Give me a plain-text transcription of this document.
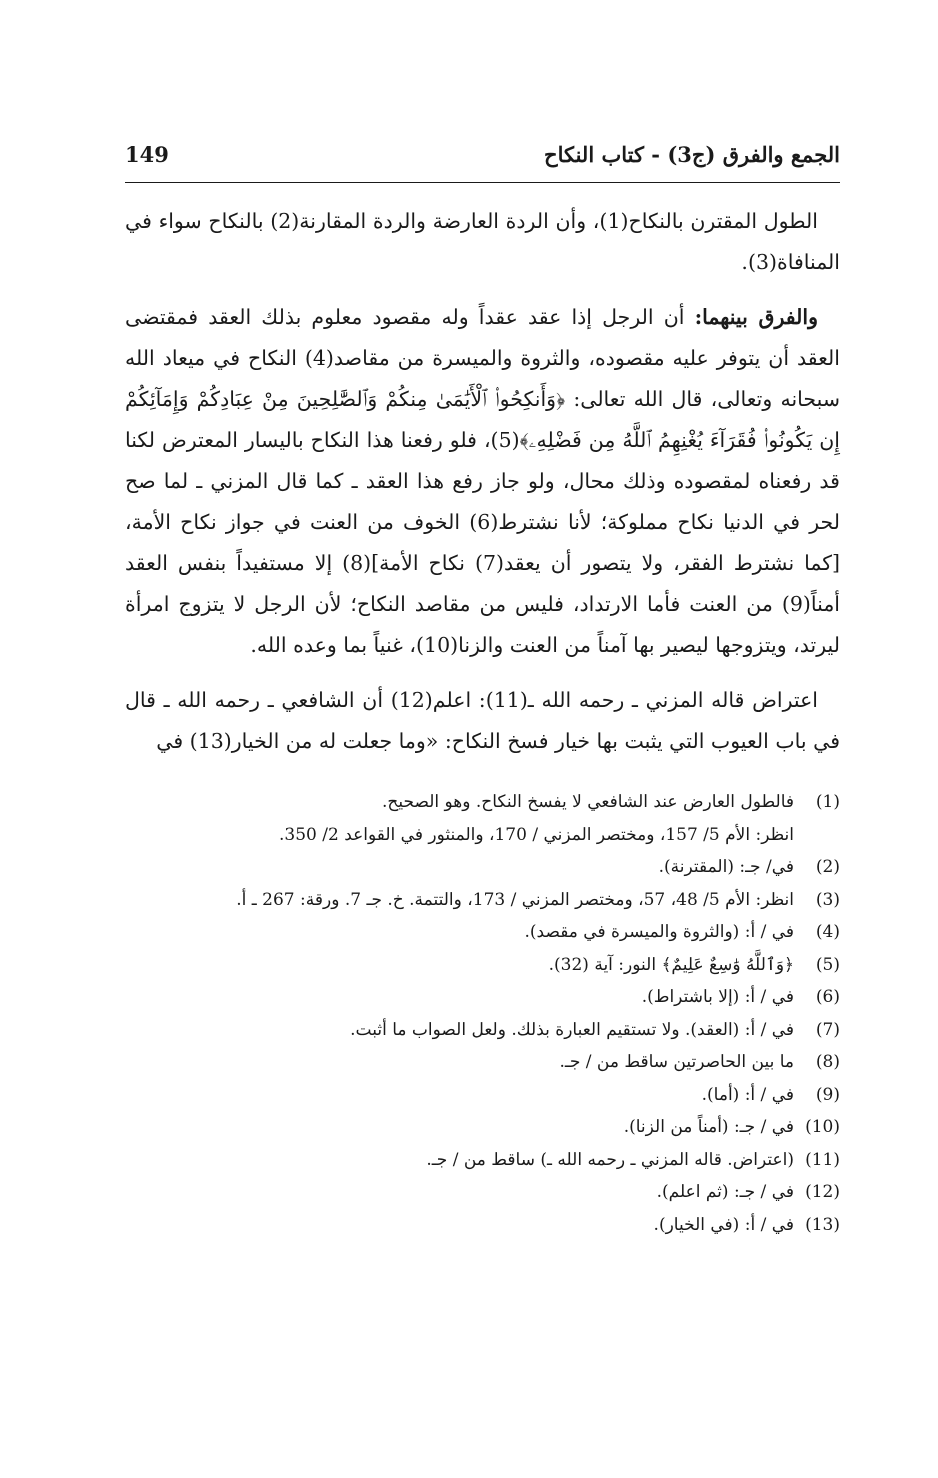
الجمع والفرق (ج3) - كتاب النكاح
149

الطول المقترن بالنكاح(1)، وأن الردة العارضة والردة المقارنة(2) بالنكاح سواء في المنافاة(3).

والفرق بينهما: أن الرجل إذا عقد عقداً وله مقصود معلوم بذلك العقد فمقتضى العقد أن يتوفر عليه مقصوده، والثروة والميسرة من مقاصد(4) النكاح في ميعاد الله سبحانه وتعالى، قال الله تعالى: ﴿وَأَنكِحُوا۟ ٱلْأَيَٰمَىٰ مِنكُمْ وَٱلصَّٰلِحِينَ مِنْ عِبَادِكُمْ وَإِمَآئِكُمْ إِن يَكُونُوا۟ فُقَرَآءَ يُغْنِهِمُ ٱللَّهُ مِن فَضْلِهِۦ﴾(5)، فلو رفعنا هذا النكاح باليسار المعترض لكنا قد رفعناه لمقصوده وذلك محال، ولو جاز رفع هذا العقد ـ كما قال المزني ـ لما صح لحر في الدنيا نكاح مملوكة؛ لأنا نشترط(6) الخوف من العنت في جواز نكاح الأمة، [كما نشترط الفقر، ولا يتصور أن يعقد(7) نكاح الأمة](8) إلا مستفيداً بنفس العقد أمناً(9) من العنت فأما الارتداد، فليس من مقاصد النكاح؛ لأن الرجل لا يتزوج امرأة ليرتد، ويتزوجها ليصير بها آمناً من العنت والزنا(10)، غنياً بما وعده الله.

اعتراض قاله المزني ـ رحمه الله ـ(11): اعلم(12) أن الشافعي ـ رحمه الله ـ قال في باب العيوب التي يثبت بها خيار فسخ النكاح: «وما جعلت له من الخيار(13) في

(1)
فالطول العارض عند الشافعي لا يفسخ النكاح. وهو الصحيح.
انظر: الأم 5/ 157، ومختصر المزني / 170، والمنثور في القواعد 2/ 350.
(2)
في/ جـ: (المقترنة).
(3)
انظر: الأم 5/ 48، 57، ومختصر المزني / 173، والتتمة. خ. جـ 7. ورقة: 267 ـ أ.
(4)
في / أ: (والثروة والميسرة في مقصد).
(5)
﴿وَٱللَّهُ وَٰسِعٌ عَلِيمٌ﴾ النور: آية (32).
(6)
في / أ: (إلا باشتراط).
(7)
في / أ: (العقد). ولا تستقيم العبارة بذلك. ولعل الصواب ما أثبت.
(8)
ما بين الحاصرتين ساقط من / جـ.
(9)
في / أ: (أما).
(10)
في / جـ: (أمناً من الزنا).
(11)
(اعتراض. قاله المزني ـ رحمه الله ـ) ساقط من / جـ.
(12)
في / جـ: (ثم اعلم).
(13)
في / أ: (في الخيار).
